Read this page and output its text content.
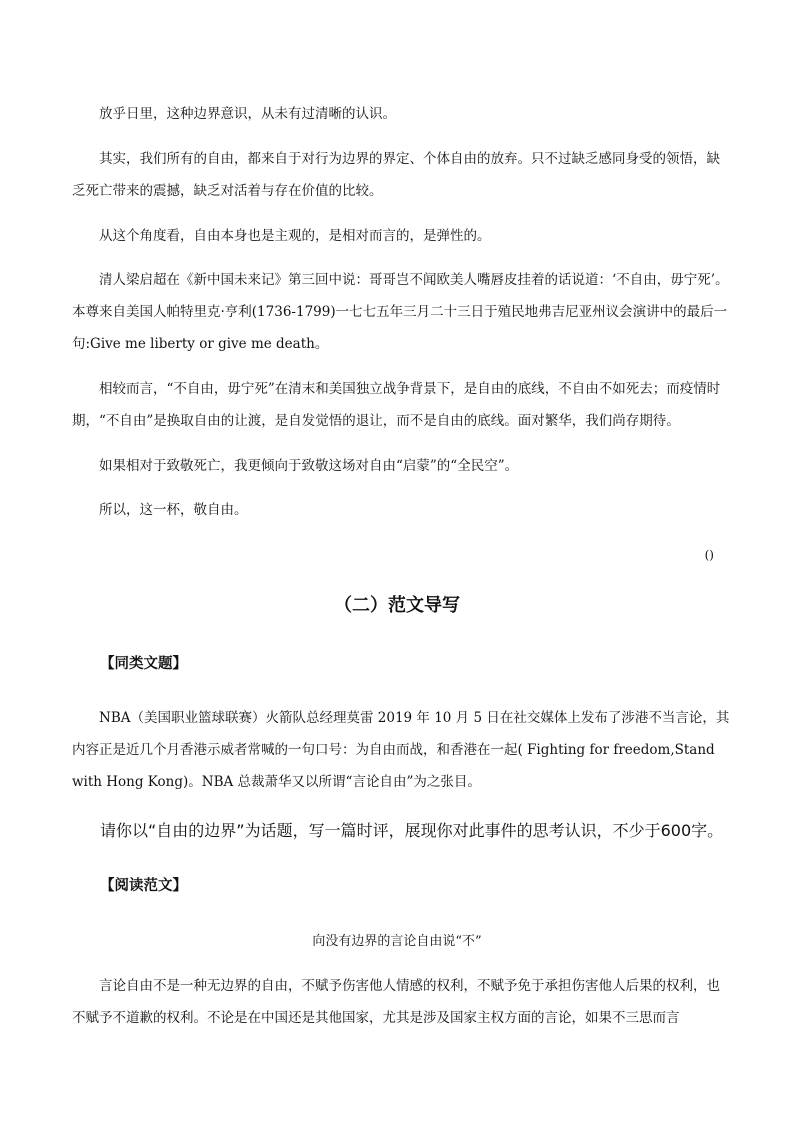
放乎日里，这种边界意识，从未有过清晰的认识。

其实，我们所有的自由，都来自于对行为边界的界定、个体自由的放弃。只不过缺乏感同身受的领悟，缺乏死亡带来的震撼，缺乏对活着与存在价值的比较。

从这个角度看，自由本身也是主观的，是相对而言的，是弹性的。

清人梁启超在《新中国未来记》第三回中说：哥哥岂不闻欧美人嘴唇皮挂着的话说道：‘不自由，毋宁死’。本尊来自美国人帕特里克·亨利(1736-1799)一七七五年三月二十三日于殖民地弗吉尼亚州议会演讲中的最后一句:Give me liberty or give me death。

相较而言，“不自由，毋宁死”在清末和美国独立战争背景下，是自由的底线，不自由不如死去；而疫情时期，“不自由”是换取自由的让渡，是自发觉悟的退让，而不是自由的底线。面对繁华，我们尚存期待。

如果相对于致敬死亡，我更倾向于致敬这场对自由“启蒙”的“全民空”。

所以，这一杯，敬自由。

()
（二）范文导写
【同类文题】

NBA（美国职业篮球联赛）火箭队总经理莫雷 2019 年 10 月 5 日在社交媒体上发布了涉港不当言论，其内容正是近几个月香港示威者常喊的一句口号：为自由而战，和香港在一起( Fighting for freedom,Stand with Hong Kong)。NBA 总裁萧华又以所谓“言论自由”为之张目。

请你以“自由的边界”为话题，写一篇时评，展现你对此事件的思考认识，不少于600字。
【阅读范文】
向没有边界的言论自由说“不”

言论自由不是一种无边界的自由，不赋予伤害他人情感的权利，不赋予免于承担伤害他人后果的权利，也不赋予不道歉的权利。不论是在中国还是其他国家，尤其是涉及国家主权方面的言论，如果不三思而言
